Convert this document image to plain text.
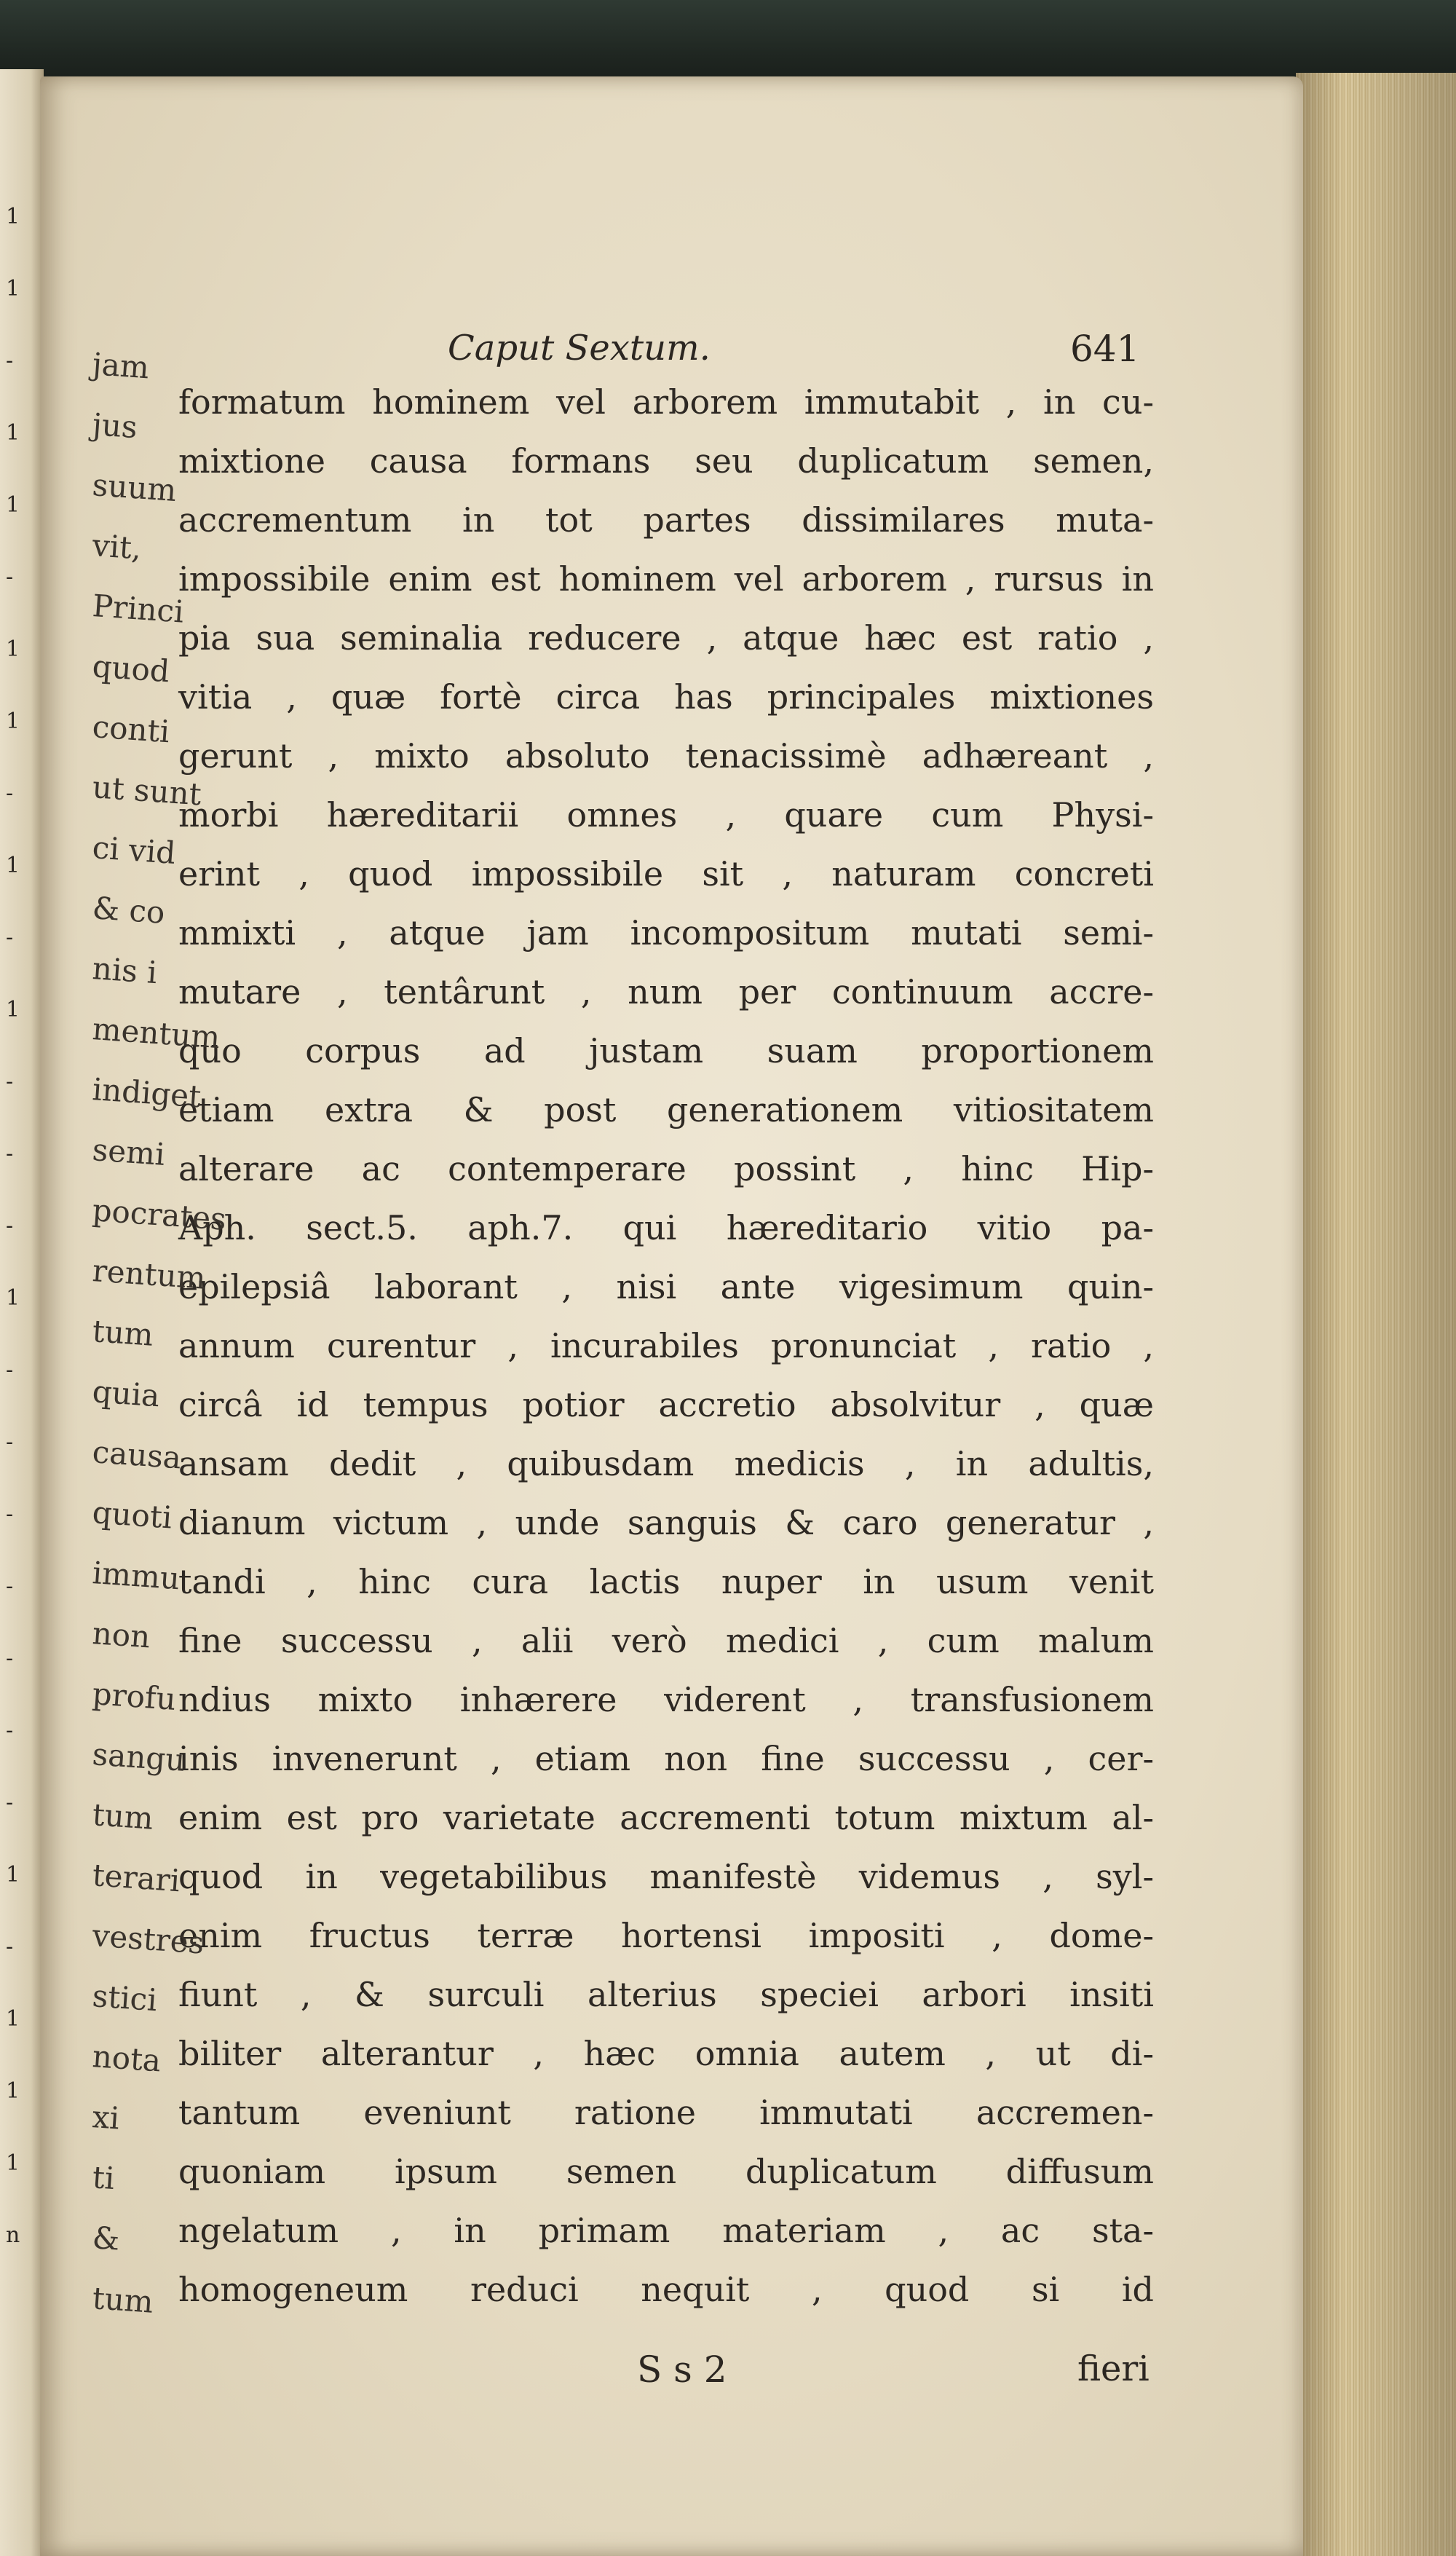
1
1
-
1
1
-
1
1
-
1
-
1
-
-
-
1
-
-
-
-
-
-
-
1
-
1
1
1
n
Caput Sextum.	641
formatum hominem vel arborem immutabit , in cu-
mixtione causa formans seu duplicatum semen,
accrementum in tot partes dissimilares muta-
impossibile enim est hominem vel arborem , rursus in
pia sua seminalia reducere , atque hæc est ratio ,
vitia , quæ fortè circa has principales mixtiones
gerunt , mixto absoluto tenacissimè adhæreant ,
morbi hæreditarii omnes , quare cum Physi-
erint , quod impossibile sit , naturam concreti
mmixti , atque jam incompositum mutati semi-
mutare , tentârunt , num per continuum accre-
quo corpus ad justam suam proportionem
etiam extra & post generationem vitiositatem
alterare ac contemperare possint , hinc Hip-
Aph. sect.5. aph.7. qui hæreditario vitio pa-
epilepsiâ laborant , nisi ante vigesimum quin-
annum curentur , incurabiles pronunciat , ratio ,
circâ id tempus potior accretio absolvitur , quæ
ansam dedit , quibusdam medicis , in adultis,
dianum victum , unde sanguis & caro generatur ,
tandi , hinc cura lactis nuper in usum venit
fine successu , alii verò medici , cum malum
ndius mixto inhærere viderent , transfusionem
inis invenerunt , etiam non fine successu , cer-
enim est pro varietate accrementi totum mixtum al-
quod in vegetabilibus manifestè videmus , syl-
enim fructus terræ hortensi impositi , dome-
fiunt , & surculi alterius speciei arbori insiti
biliter alterantur , hæc omnia autem , ut di-
tantum eveniunt ratione immutati accremen-
quoniam ipsum semen duplicatum diffusum
ngelatum , in primam materiam , ac sta-
homogeneum reduci nequit , quod si id
jam
jus
suum
vit,
Princi
quod
conti
ut sunt
ci vid
& co
nis i
mentum
indiget
semi
pocrates
rentum
tum
quia
causa
quoti
immu
non
profu
sangu
tum
terari
vestres
stici
nota
xi
ti
&
tum
S s 2	fieri
